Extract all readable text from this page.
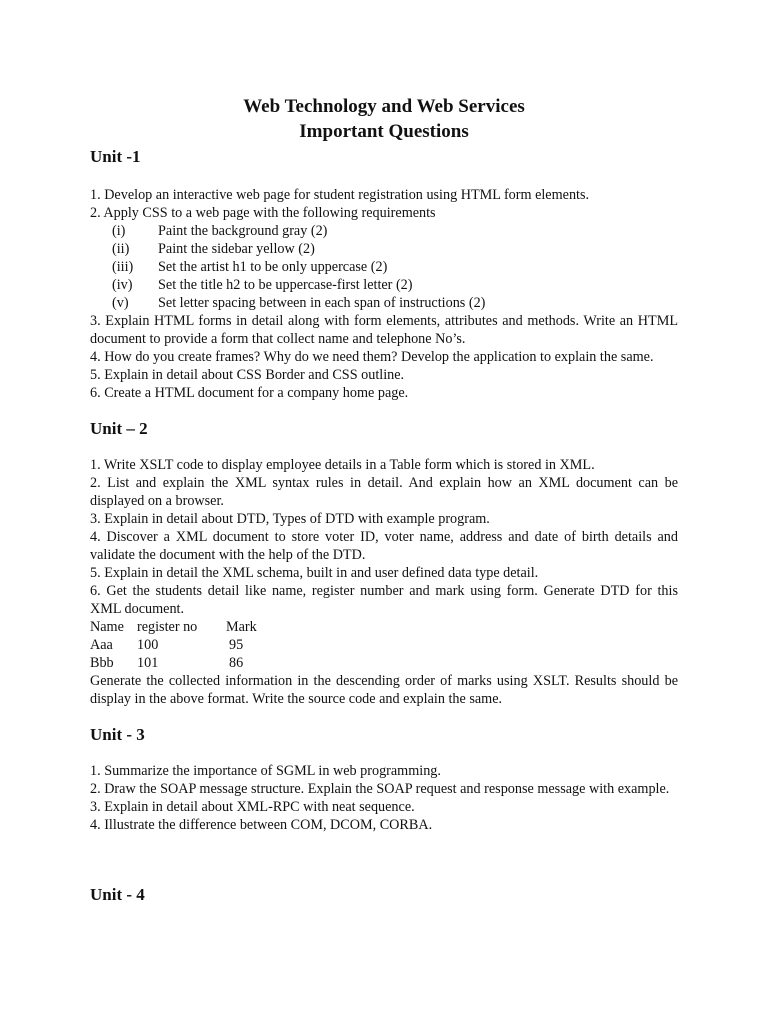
Web Technology and Web Services
Important Questions
Unit -1
1. Develop an interactive web page for student registration using HTML form elements.
2. Apply CSS to a web page with the following requirements
(i) Paint the background gray (2)
(ii) Paint the sidebar yellow (2)
(iii) Set the artist h1 to be only uppercase (2)
(iv) Set the title h2 to be uppercase-first letter (2)
(v) Set letter spacing between in each span of instructions (2)
3. Explain HTML forms in detail along with form elements, attributes and methods. Write an HTML document to provide a form that collect name and telephone No’s.
4. How do you create frames? Why do we need them? Develop the application to explain the same.
5. Explain in detail about CSS Border and CSS outline.
6. Create a HTML document for a company home page.
Unit – 2
1. Write XSLT code to display employee details in a Table form which is stored in XML.
2. List and explain the XML syntax rules in detail. And explain how an XML document can be displayed on a browser.
3. Explain in detail about DTD, Types of DTD with example program.
4. Discover a XML document to store voter ID, voter name, address and date of birth details and validate the document with the help of the DTD.
5. Explain in detail the XML schema, built in and user defined data type detail.
6. Get the students detail like name, register number and mark using form. Generate DTD for this XML document.
Name register no Mark
Aaa 100	95
Bbb 101	86
Generate the collected information in the descending order of marks using XSLT. Results should be display in the above format. Write the source code and explain the same.
Unit - 3
1. Summarize the importance of SGML in web programming.
2. Draw the SOAP message structure. Explain the SOAP request and response message with example.
3. Explain in detail about XML-RPC with neat sequence.
4. Illustrate the difference between COM, DCOM, CORBA.
Unit - 4
